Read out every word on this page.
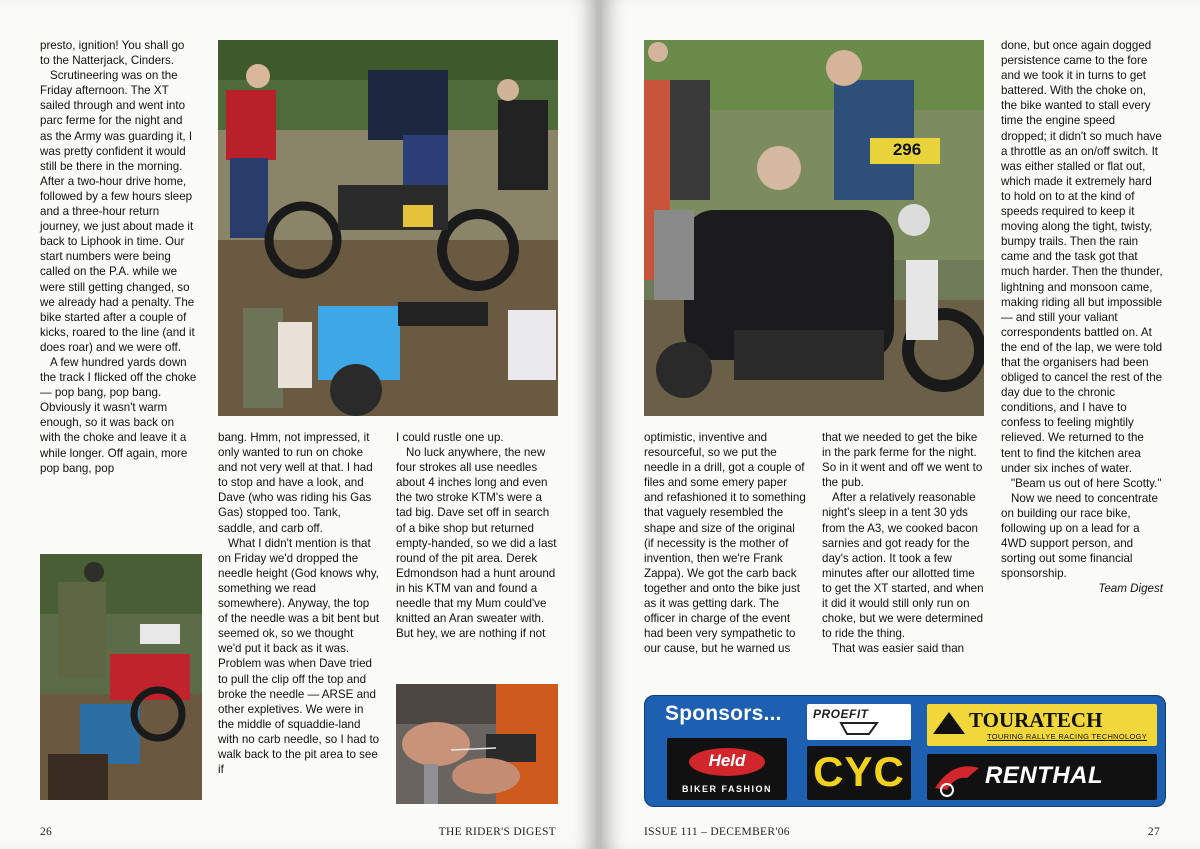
presto, ignition! You shall go to the Natterjack, Cinders.

Scrutineering was on the Friday afternoon. The XT sailed through and went into parc ferme for the night and as the Army was guarding it, I was pretty confident it would still be there in the morning. After a two-hour drive home, followed by a few hours sleep and a three-hour return journey, we just about made it back to Liphook in time. Our start numbers were being called on the P.A. while we were still getting changed, so we already had a penalty. The bike started after a couple of kicks, roared to the line (and it does roar) and we were off.

A few hundred yards down the track I flicked off the choke — pop bang, pop bang. Obviously it wasn't warm enough, so it was back on with the choke and leave it a while longer. Off again, more pop bang, pop

bang. Hmm, not impressed, it only wanted to run on choke and not very well at that. I had to stop and have a look, and Dave (who was riding his Gas Gas) stopped too. Tank, saddle, and carb off.

What I didn't mention is that on Friday we'd dropped the needle height (God knows why, something we read somewhere). Anyway, the top of the needle was a bit bent but seemed ok, so we thought we'd put it back as it was. Problem was when Dave tried to pull the clip off the top and broke the needle — ARSE and other expletives. We were in the middle of squaddie-land with no carb needle, so I had to walk back to the pit area to see if

I could rustle one up.

No luck anywhere, the new four strokes all use needles about 4 inches long and even the two stroke KTM's were a tad big. Dave set off in search of a bike shop but returned empty-handed, so we did a last round of the pit area. Derek Edmondson had a hunt around in his KTM van and found a needle that my Mum could've knitted an Aran sweater with. But hey, we are nothing if not

26	THE RIDER'S DIGEST
296

optimistic, inventive and resourceful, so we put the needle in a drill, got a couple of files and some emery paper and refashioned it to something that vaguely resembled the shape and size of the original (if necessity is the mother of invention, then we're Frank Zappa). We got the carb back together and onto the bike just as it was getting dark. The officer in charge of the event had been very sympathetic to our cause, but he warned us

that we needed to get the bike in the park ferme for the night. So in it went and off we went to the pub.

After a relatively reasonable night's sleep in a tent 30 yds from the A3, we cooked bacon sarnies and got ready for the day's action. It took a few minutes after our allotted time to get the XT started, and when it did it would still only run on choke, but we were determined to ride the thing.

That was easier said than

done, but once again dogged persistence came to the fore and we took it in turns to get battered. With the choke on, the bike wanted to stall every time the engine speed dropped; it didn't so much have a throttle as an on/off switch. It was either stalled or flat out, which made it extremely hard to hold on to at the kind of speeds required to keep it moving along the tight, twisty, bumpy trails. Then the rain came and the task got that much harder. Then the thunder, lightning and monsoon came, making riding all but impossible — and still your valiant correspondents battled on. At the end of the lap, we were told that the organisers had been obliged to cancel the rest of the day due to the chronic conditions, and I have to confess to feeling mightily relieved. We returned to the tent to find the kitchen area under six inches of water.

"Beam us out of here Scotty."

Now we need to concentrate on building our race bike, following up on a lead for a 4WD support person, and sorting out some financial sponsorship.

Team Digest

Sponsors...	PROEFIT	TOURATECH
TOURING RALLYE RACING TECHNOLOGY
Held
BIKER FASHION CYC	RENTHAL
ISSUE 111 – DECEMBER'06	27
